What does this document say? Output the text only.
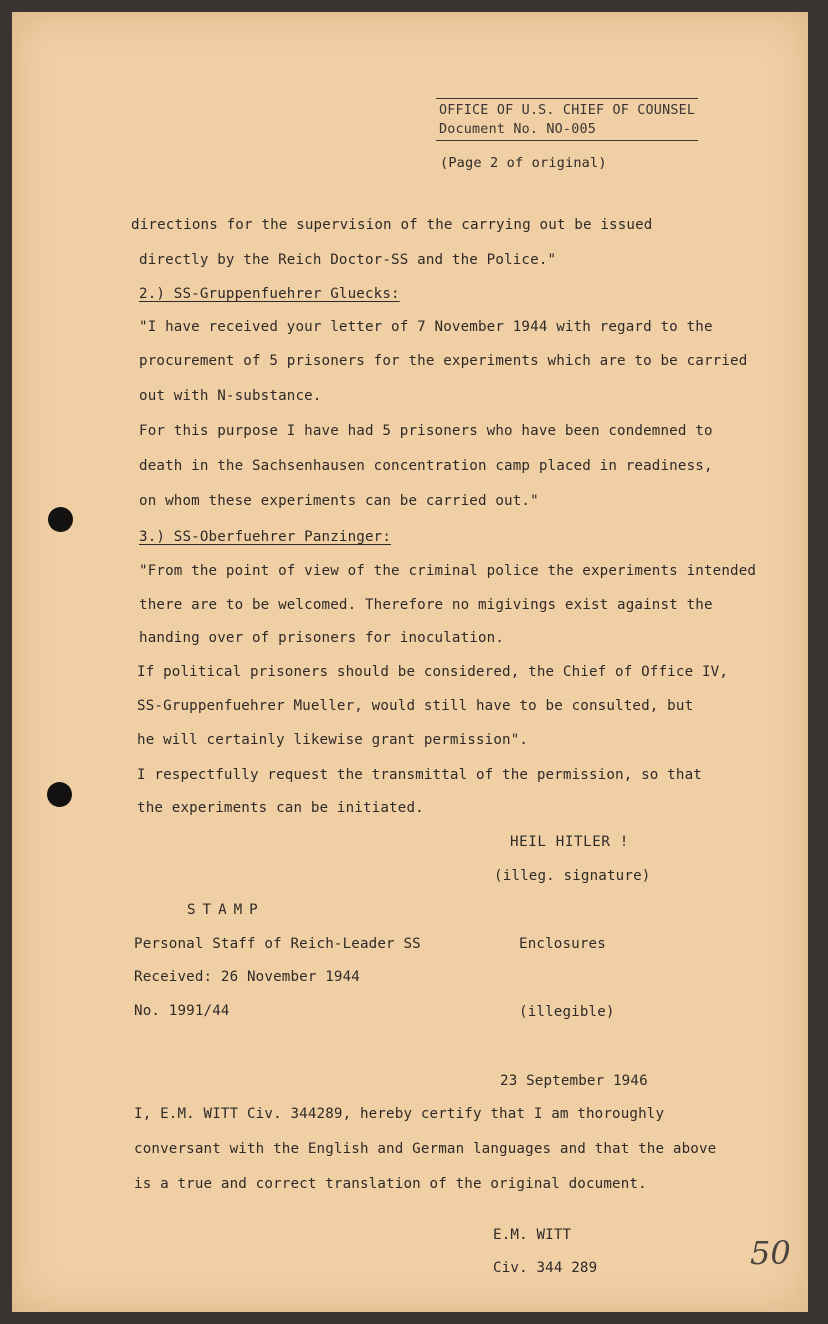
OFFICE OF U.S. CHIEF OF COUNSEL
Document No. NO-005
(Page 2 of original)
directions for the supervision of the carrying out be issued
directly by the Reich Doctor-SS and the Police."
2.) SS-Gruppenfuehrer Gluecks:
"I have received your letter of 7 November 1944 with regard to the
procurement of 5 prisoners for the experiments which are to be carried
out with N-substance.
For this purpose I have had 5 prisoners who have been condemned to
death in the Sachsenhausen concentration camp placed in readiness,
on whom these experiments can be carried out."
3.) SS-Oberfuehrer Panzinger:
"From the point of view of the criminal police the experiments intended
there are to be welcomed. Therefore no migivings exist against the
handing over of prisoners for inoculation.
If political prisoners should be considered, the Chief of Office IV,
SS-Gruppenfuehrer Mueller, would still have to be consulted, but
he will certainly likewise grant permission".
I respectfully request the transmittal of the permission, so that
the experiments can be initiated.
HEIL HITLER !
(illeg. signature)
STAMP
Personal Staff of Reich-Leader SS
Received: 26 November 1944
No. 1991/44
Enclosures
(illegible)
23 September 1946
I, E.M. WITT Civ. 344289, hereby certify that I am thoroughly
conversant with the English and German languages and that the above
is a true and correct translation of the original document.
E.M. WITT
Civ. 344 289	50
